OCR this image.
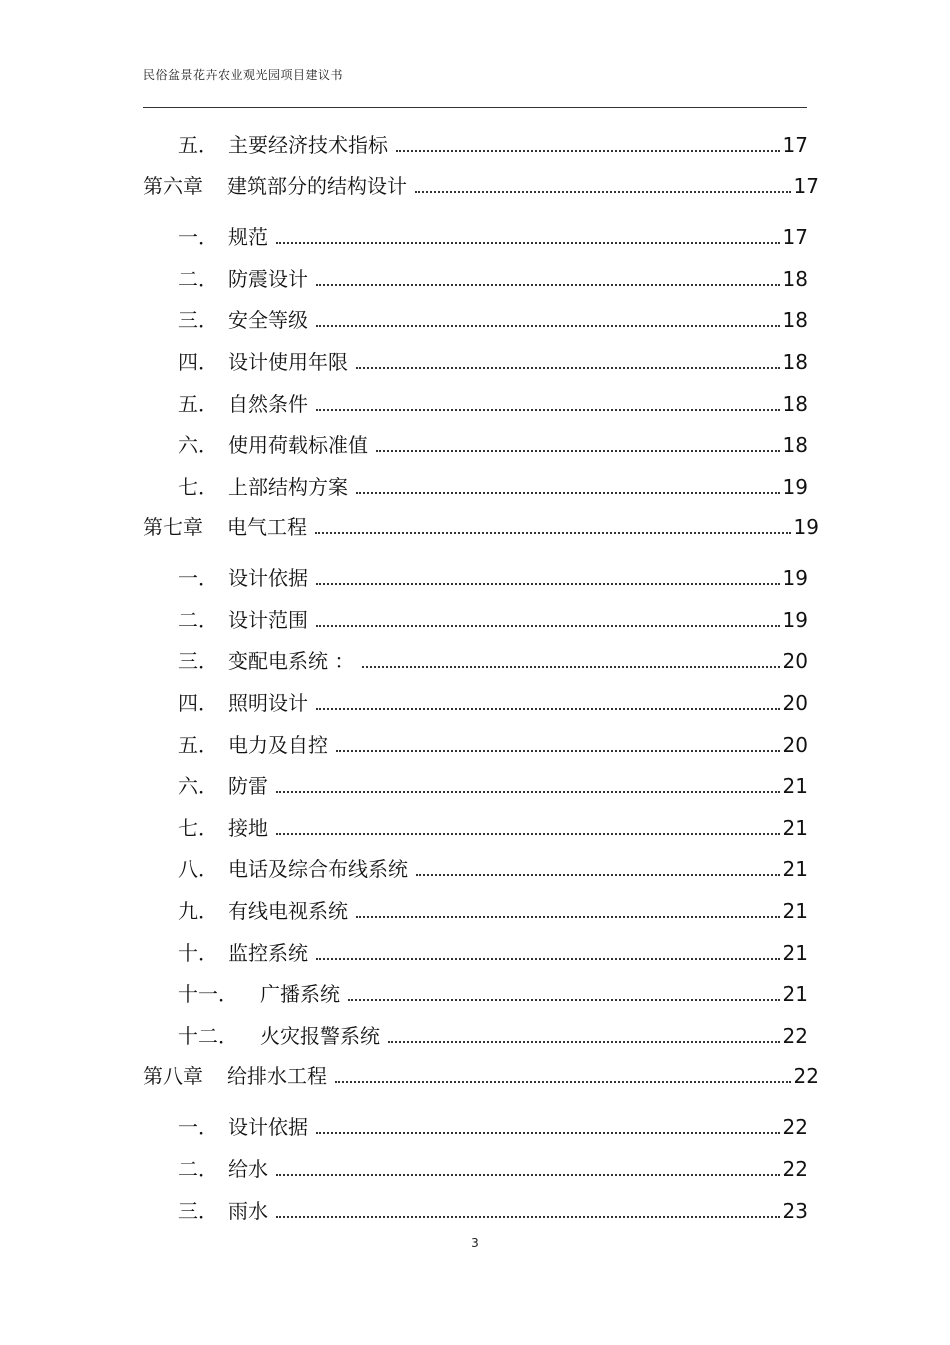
民俗盆景花卉农业观光园项目建议书
五． 主要经济技术指标	17
第六章	建筑部分的结构设计	17
一． 规范	17
二． 防震设计	18
三． 安全等级	18
四． 设计使用年限	18
五． 自然条件	18
六． 使用荷载标准值	18
七． 上部结构方案	19
第七章	电气工程	19
一． 设计依据	19
二． 设计范围	19
三． 变配电系统 ：	20
四． 照明设计	20
五． 电力及自控	20
六． 防雷	21
七． 接地	21
八． 电话及综合布线系统	21
九． 有线电视系统	21
十． 监控系统	21
十一．	广播系统	21
十二．	火灾报警系统	22
第八章	给排水工程	22
一． 设计依据	22
二． 给水	22
三． 雨水	23
3
